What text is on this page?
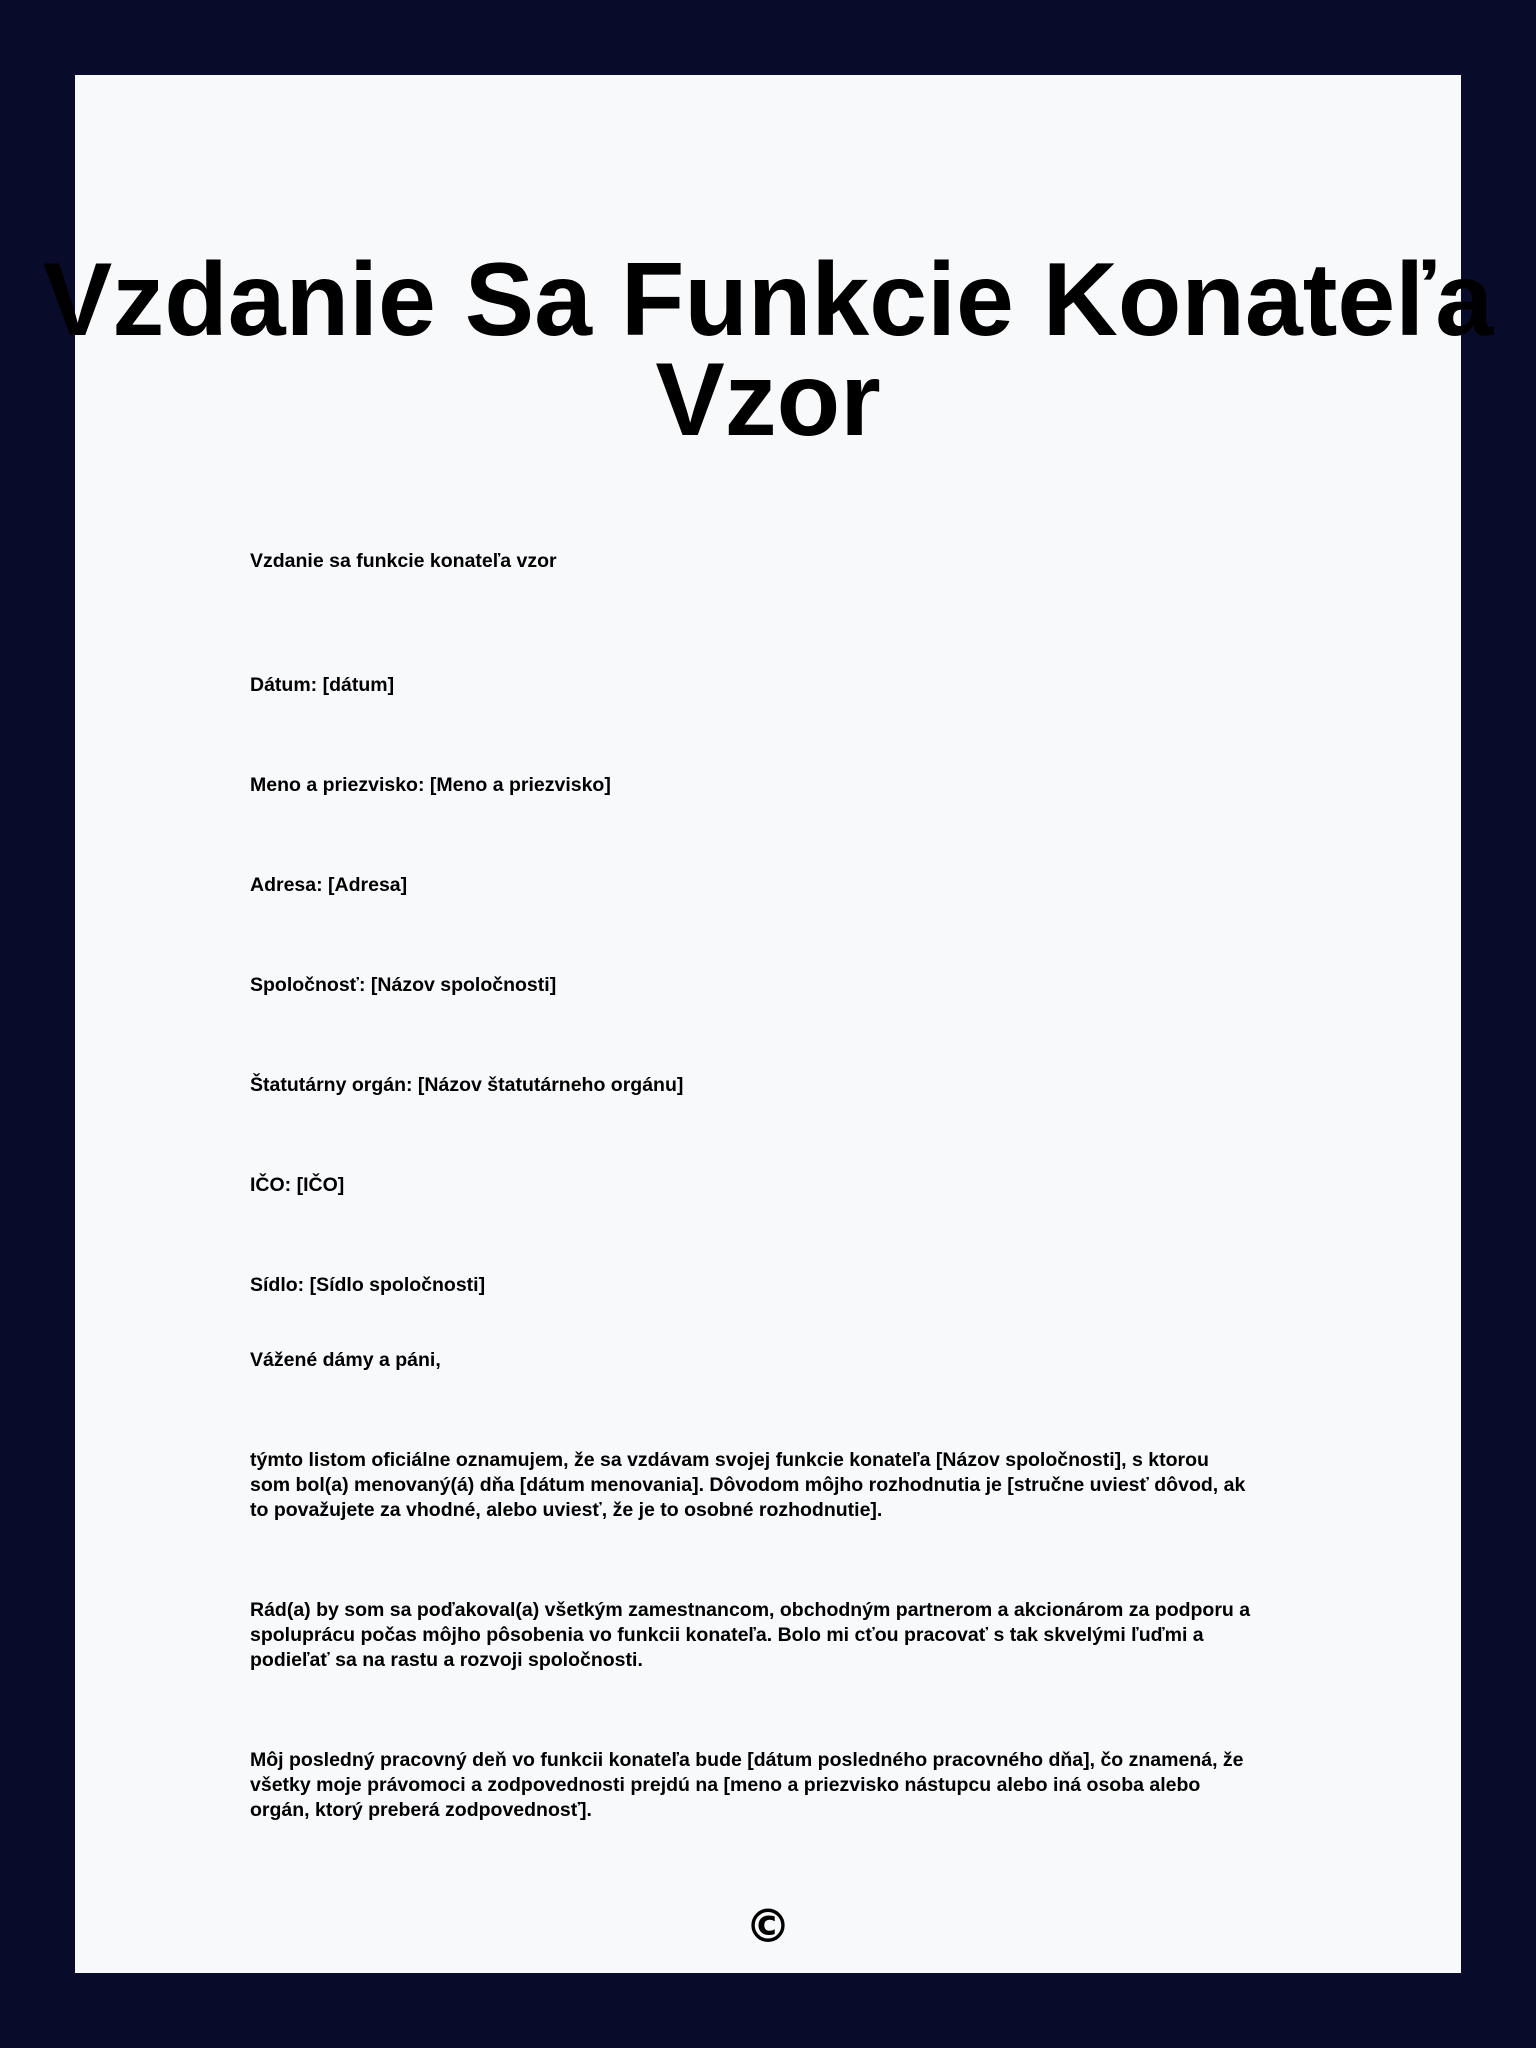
Vzdanie Sa Funkcie Konateľa
Vzor

Vzdanie sa funkcie konateľa vzor

Dátum: [dátum]

Meno a priezvisko: [Meno a priezvisko]

Adresa: [Adresa]

Spoločnosť: [Názov spoločnosti]

Štatutárny orgán: [Názov štatutárneho orgánu]

IČO: [IČO]

Sídlo: [Sídlo spoločnosti]

Vážené dámy a páni,

týmto listom oficiálne oznamujem, že sa vzdávam svojej funkcie konateľa [Názov spoločnosti], s ktorou
som bol(a) menovaný(á) dňa [dátum menovania]. Dôvodom môjho rozhodnutia je [stručne uviesť dôvod, ak
to považujete za vhodné, alebo uviesť, že je to osobné rozhodnutie].
Rád(a) by som sa poďakoval(a) všetkým zamestnancom, obchodným partnerom a akcionárom za podporu a
spoluprácu počas môjho pôsobenia vo funkcii konateľa. Bolo mi cťou pracovať s tak skvelými ľuďmi a
podieľať sa na rastu a rozvoji spoločnosti.
Môj posledný pracovný deň vo funkcii konateľa bude [dátum posledného pracovného dňa], čo znamená, že
všetky moje právomoci a zodpovednosti prejdú na [meno a priezvisko nástupcu alebo iná osoba alebo
orgán, ktorý preberá zodpovednosť].
©
